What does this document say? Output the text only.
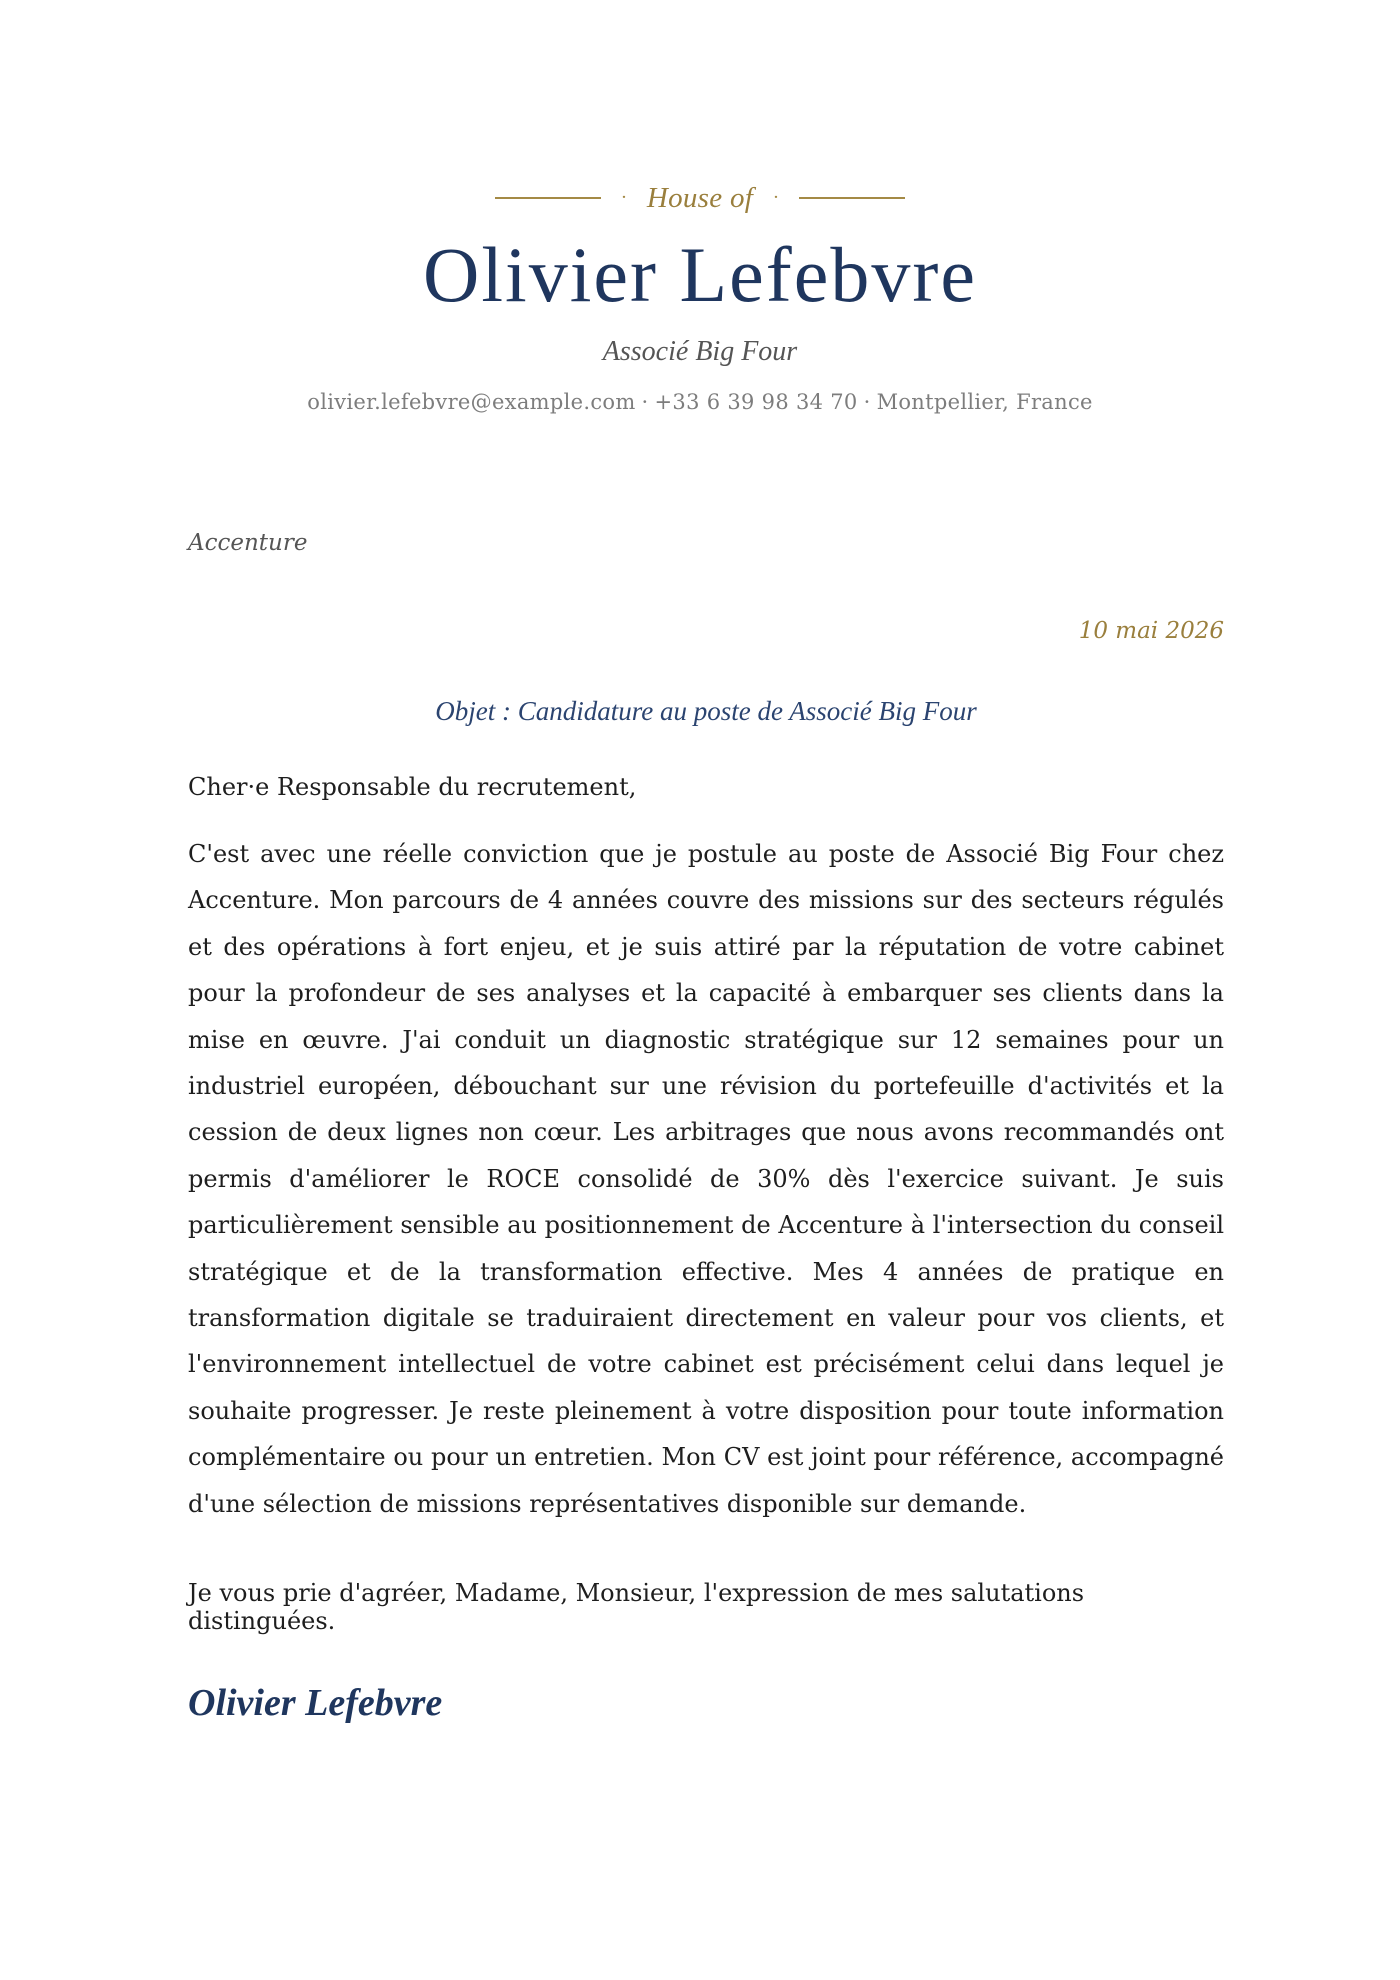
· House of ·
Olivier Lefebvre
Associé Big Four
olivier.lefebvre@example.com · +33 6 39 98 34 70 · Montpellier, France
Accenture
10 mai 2026
Objet : Candidature au poste de Associé Big Four
Cher·e Responsable du recrutement,
C'est avec une réelle conviction que je postule au poste de Associé Big Four chez Accenture. Mon parcours de 4 années couvre des missions sur des secteurs régulés et des opérations à fort enjeu, et je suis attiré par la réputation de votre cabinet pour la profondeur de ses analyses et la capacité à embarquer ses clients dans la mise en œuvre. J'ai conduit un diagnostic stratégique sur 12 semaines pour un industriel européen, débouchant sur une révision du portefeuille d'activités et la cession de deux lignes non cœur. Les arbitrages que nous avons recommandés ont permis d'améliorer le ROCE consolidé de 30% dès l'exercice suivant. Je suis particulièrement sensible au positionnement de Accenture à l'intersection du conseil stratégique et de la transformation effective. Mes 4 années de pratique en transformation digitale se traduiraient directement en valeur pour vos clients, et l'environnement intellectuel de votre cabinet est précisément celui dans lequel je souhaite progresser. Je reste pleinement à votre disposition pour toute information complémentaire ou pour un entretien. Mon CV est joint pour référence, accompagné d'une sélection de missions représentatives disponible sur demande.
Je vous prie d'agréer, Madame, Monsieur, l'expression de mes salutations distinguées.
Olivier Lefebvre
